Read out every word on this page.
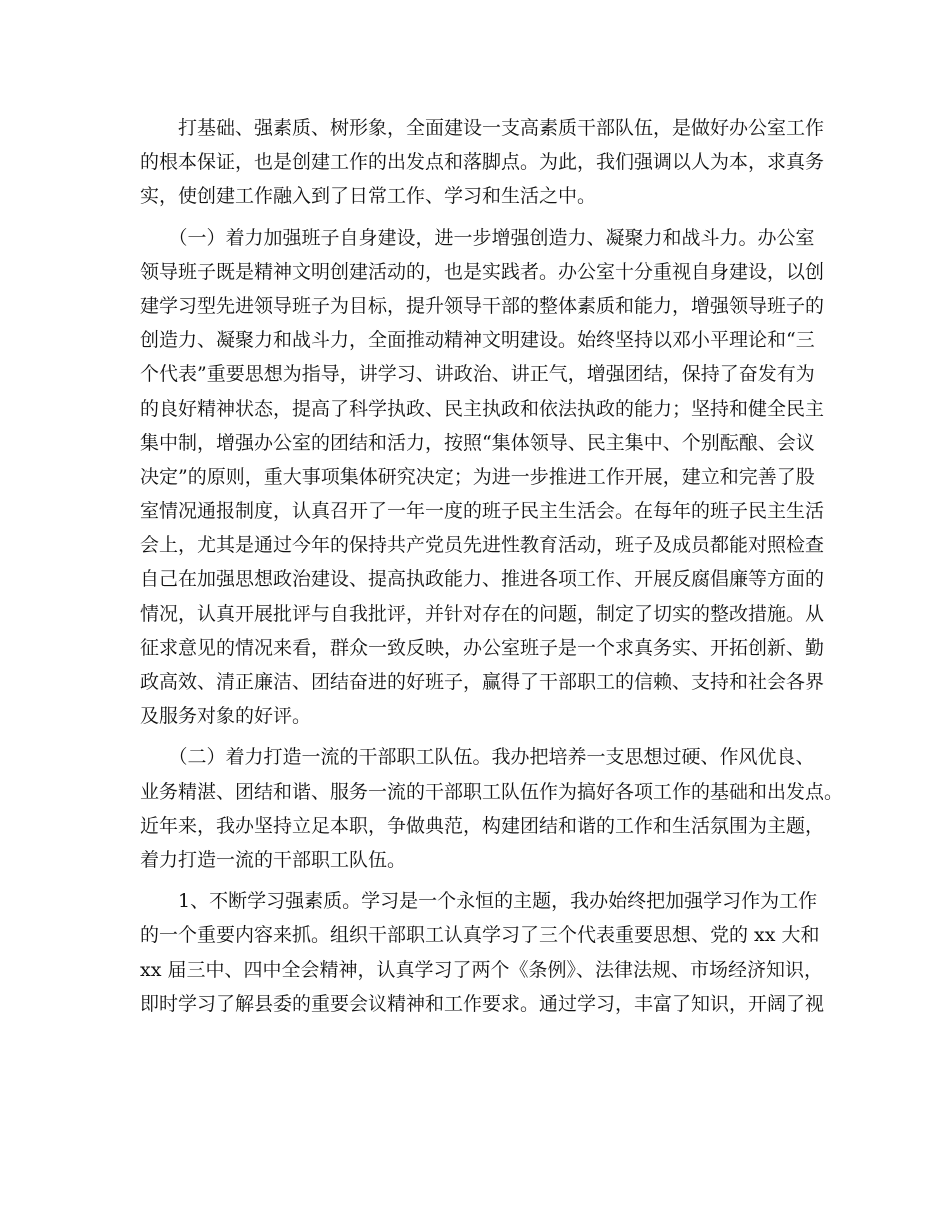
　　打基础、强素质、树形象，全面建设一支高素质干部队伍，是做好办公室工作
的根本保证，也是创建工作的出发点和落脚点。为此，我们强调以人为本，求真务
实，使创建工作融入到了日常工作、学习和生活之中。
　　（一）着力加强班子自身建设，进一步增强创造力、凝聚力和战斗力。办公室
领导班子既是精神文明创建活动的，也是实践者。办公室十分重视自身建设，以创
建学习型先进领导班子为目标，提升领导干部的整体素质和能力，增强领导班子的
创造力、凝聚力和战斗力，全面推动精神文明建设。始终坚持以邓小平理论和“三
个代表”重要思想为指导，讲学习、讲政治、讲正气，增强团结，保持了奋发有为
的良好精神状态，提高了科学执政、民主执政和依法执政的能力；坚持和健全民主
集中制，增强办公室的团结和活力，按照“集体领导、民主集中、个别酝酿、会议
决定”的原则，重大事项集体研究决定；为进一步推进工作开展，建立和完善了股
室情况通报制度，认真召开了一年一度的班子民主生活会。在每年的班子民主生活
会上，尤其是通过今年的保持共产党员先进性教育活动，班子及成员都能对照检查
自己在加强思想政治建设、提高执政能力、推进各项工作、开展反腐倡廉等方面的
情况，认真开展批评与自我批评，并针对存在的问题，制定了切实的整改措施。从
征求意见的情况来看，群众一致反映，办公室班子是一个求真务实、开拓创新、勤
政高效、清正廉洁、团结奋进的好班子，赢得了干部职工的信赖、支持和社会各界
及服务对象的好评。
　　（二）着力打造一流的干部职工队伍。我办把培养一支思想过硬、作风优良、
业务精湛、团结和谐、服务一流的干部职工队伍作为搞好各项工作的基础和出发点。
近年来，我办坚持立足本职，争做典范，构建团结和谐的工作和生活氛围为主题，
着力打造一流的干部职工队伍。
　　1、不断学习强素质。学习是一个永恒的主题，我办始终把加强学习作为工作
的一个重要内容来抓。组织干部职工认真学习了三个代表重要思想、党的 xx 大和
xx 届三中、四中全会精神，认真学习了两个《条例》、法律法规、市场经济知识，
即时学习了解县委的重要会议精神和工作要求。通过学习，丰富了知识，开阔了视
